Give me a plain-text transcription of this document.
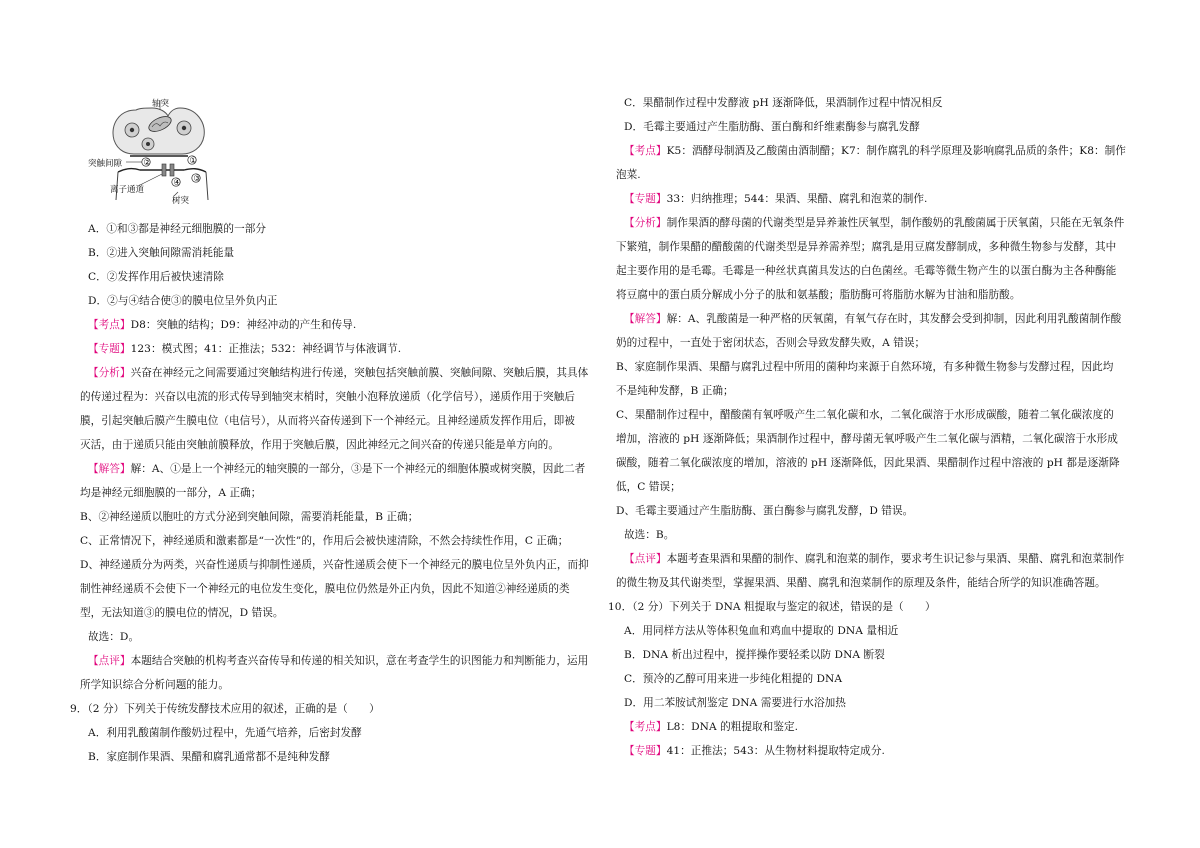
②	①
③
④
轴突
突触间隙
离子通道
树突
A．①和③都是神经元细胞膜的一部分
B．②进入突触间隙需消耗能量
C．②发挥作用后被快速清除
D．②与④结合使③的膜电位呈外负内正
【考点】D8：突触的结构；D9：神经冲动的产生和传导.
【专题】123：模式图；41：正推法；532：神经调节与体液调节.
【分析】兴奋在神经元之间需要通过突触结构进行传递，突触包括突触前膜、突触间隙、突触后膜，其具体
的传递过程为：兴奋以电流的形式传导到轴突末梢时，突触小泡释放递质（化学信号），递质作用于突触后
膜，引起突触后膜产生膜电位（电信号），从而将兴奋传递到下一个神经元。且神经递质发挥作用后，即被
灭活，由于递质只能由突触前膜释放，作用于突触后膜，因此神经元之间兴奋的传递只能是单方向的。
【解答】解：A、①是上一个神经元的轴突膜的一部分，③是下一个神经元的细胞体膜或树突膜，因此二者
均是神经元细胞膜的一部分，A 正确；
B、②神经递质以胞吐的方式分泌到突触间隙，需要消耗能量，B 正确；
C、正常情况下，神经递质和激素都是“一次性”的，作用后会被快速清除，不然会持续性作用，C 正确；
D、神经递质分为两类，兴奋性递质与抑制性递质，兴奋性递质会使下一个神经元的膜电位呈外负内正，而抑
制性神经递质不会使下一个神经元的电位发生变化，膜电位仍然是外正内负，因此不知道②神经递质的类
型，无法知道③的膜电位的情况，D 错误。
故选：D。
【点评】本题结合突触的机构考查兴奋传导和传递的相关知识，意在考查学生的识图能力和判断能力，运用
所学知识综合分析问题的能力。
9．（2 分）下列关于传统发酵技术应用的叙述，正确的是（　　）
A．利用乳酸菌制作酸奶过程中，先通气培养，后密封发酵
B．家庭制作果酒、果醋和腐乳通常都不是纯种发酵
C．果醋制作过程中发酵液 pH 逐渐降低，果酒制作过程中情况相反
D．毛霉主要通过产生脂肪酶、蛋白酶和纤维素酶参与腐乳发酵
【考点】K5：酒酵母制酒及乙酸菌由酒制醋；K7：制作腐乳的科学原理及影响腐乳品质的条件；K8：制作
泡菜.
【专题】33：归纳推理；544：果酒、果醋、腐乳和泡菜的制作.
【分析】制作果酒的酵母菌的代谢类型是异养兼性厌氧型，制作酸奶的乳酸菌属于厌氧菌，只能在无氧条件
下繁殖，制作果醋的醋酸菌的代谢类型是异养需养型；腐乳是用豆腐发酵制成，多种微生物参与发酵，其中
起主要作用的是毛霉。毛霉是一种丝状真菌具发达的白色菌丝。毛霉等微生物产生的以蛋白酶为主各种酶能
将豆腐中的蛋白质分解成小分子的肽和氨基酸；脂肪酶可将脂肪水解为甘油和脂肪酸。
【解答】解：A、乳酸菌是一种严格的厌氧菌，有氧气存在时，其发酵会受到抑制，因此利用乳酸菌制作酸
奶的过程中，一直处于密闭状态，否则会导致发酵失败，A 错误；
B、家庭制作果酒、果醋与腐乳过程中所用的菌种均来源于自然环境，有多种微生物参与发酵过程，因此均
不是纯种发酵，B 正确；
C、果醋制作过程中，醋酸菌有氧呼吸产生二氧化碳和水，二氧化碳溶于水形成碳酸，随着二氧化碳浓度的
增加，溶液的 pH 逐渐降低；果酒制作过程中，酵母菌无氧呼吸产生二氧化碳与酒精，二氧化碳溶于水形成
碳酸，随着二氧化碳浓度的增加，溶液的 pH 逐渐降低，因此果酒、果醋制作过程中溶液的 pH 都是逐渐降
低，C 错误；
D、毛霉主要通过产生脂肪酶、蛋白酶参与腐乳发酵，D 错误。
故选：B。
【点评】本题考查果酒和果醋的制作、腐乳和泡菜的制作，要求考生识记参与果酒、果醋、腐乳和泡菜制作
的微生物及其代谢类型，掌握果酒、果醋、腐乳和泡菜制作的原理及条件，能结合所学的知识准确答题。
10．（2 分）下列关于 DNA 粗提取与鉴定的叙述，错误的是（　　）
A．用同样方法从等体积兔血和鸡血中提取的 DNA 量相近
B．DNA 析出过程中，搅拌操作要轻柔以防 DNA 断裂
C．预冷的乙醇可用来进一步纯化粗提的 DNA
D．用二苯胺试剂鉴定 DNA 需要进行水浴加热
【考点】L8：DNA 的粗提取和鉴定.
【专题】41：正推法；543：从生物材料提取特定成分.
